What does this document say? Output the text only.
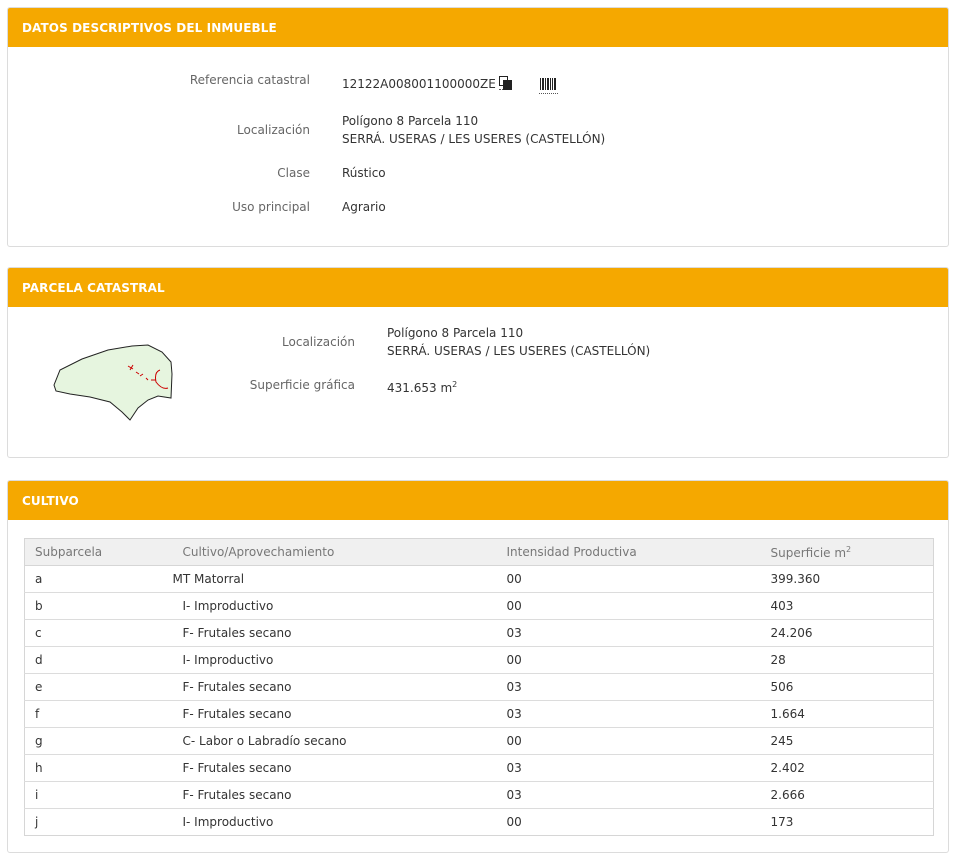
DATOS DESCRIPTIVOS DEL INMUEBLE
Referencia catastral	12122A008001100000ZE
Localización
Polígono 8 Parcela 110
SERRÁ. USERAS / LES USERES (CASTELLÓN)
Clase	Rústico
Uso principal	Agrario
PARCELA CATASTRAL
Localización
Polígono 8 Parcela 110
SERRÁ. USERAS / LES USERES (CASTELLÓN)
Superficie gráfica	431.653 $m^2$
CULTIVO
Subparcela	Cultivo/Aprovechamiento	Intensidad Productiva	Superficie $m^2$
a	MT Matorral	00	399.360
b	I- Improductivo	00	403
c	F- Frutales secano	03	24.206
d	I- Improductivo	00	28
e	F- Frutales secano	03	506
f	F- Frutales secano	03	1.664
g	C- Labor o Labradío secano	00	245
h	F- Frutales secano	03	2.402
i	F- Frutales secano	03	2.666
j	I- Improductivo	00	173
